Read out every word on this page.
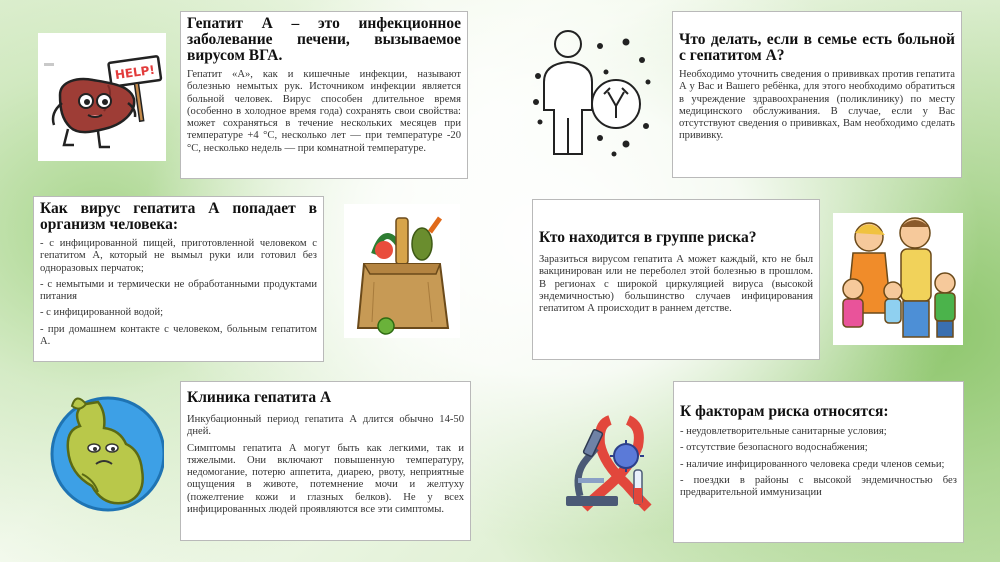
HELP!
Гепатит А – это инфекционное заболевание печени, вызываемое вирусом ВГА.

Гепатит «А», как и кишечные инфекции, называют болезнью немытых рук. Источником инфекции является больной человек. Вирус способен длительное время (особенно в холодное время года) сохранять свои свойства: может сохраняться в течение нескольких месяцев при температуре +4 °С, несколько лет — при температуре -20 °С, несколько недель — при комнатной температуре.

Что делать, если в семье есть больной с гепатитом А?

Необходимо уточнить сведения о прививках против гепатита А у Вас и Вашего ребёнка, для этого необходимо обратиться в учреждение здравоохранения (поликлинику) по месту медицинского обслуживания. В случае, если у Вас отсутствуют сведения о прививках, Вам необходимо сделать прививку.

Как вирус гепатита А попадает в организм человека:

- с инфицированной пищей, приготовленной человеком с гепатитом А, который не вымыл руки или готовил без одноразовых перчаток;

- с немытыми и термически не обработанными продуктами питания

- с инфицированной водой;

- при домашнем контакте с человеком, больным гепатитом А.

Кто находится в группе риска?

Заразиться вирусом гепатита А может каждый, кто не был вакцинирован или не переболел этой болезнью в прошлом. В регионах с широкой циркуляцией вируса (высокой эндемичностью) большинство случаев инфицирования гепатитом А происходит в раннем детстве.

Клиника гепатита А

Инкубационный период гепатита А длится обычно 14-50 дней.

Симптомы гепатита А могут быть как легкими, так и тяжелыми. Они включают повышенную температуру, недомогание, потерю аппетита, диарею, рвоту, неприятные ощущения в животе, потемнение мочи и желтуху (пожелтение кожи и глазных белков). Не у всех инфицированных людей проявляются все эти симптомы.

К факторам риска относятся:

- неудовлетворительные санитарные условия;

- отсутствие безопасного водоснабжения;

- наличие инфицированного человека среди членов семьи;

- поездки в районы с высокой эндемичностью без предварительной иммунизации
